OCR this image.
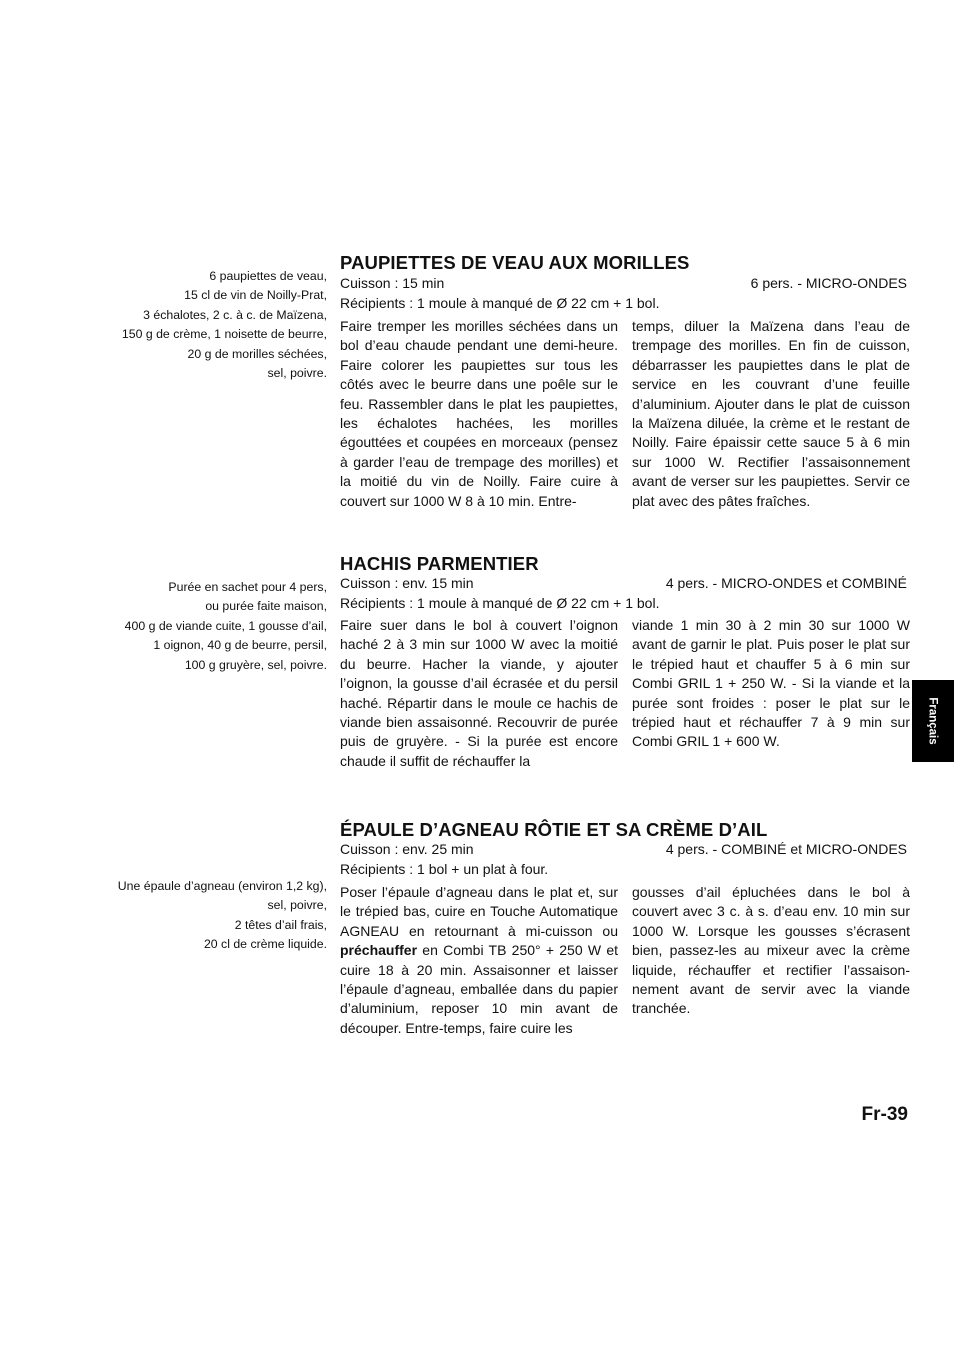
6 paupiettes de veau,
15 cl de vin de Noilly-Prat,
3 échalotes, 2 c. à c. de Maïzena,
150 g de crème, 1 noisette de beurre,
20 g de morilles séchées,
sel, poivre.
PAUPIETTES DE VEAU AUX MORILLES
Cuisson : 15 min	6 pers. - MICRO-ONDES
Récipients : 1 moule à manqué de Ø 22 cm + 1 bol.
Faire tremper les morilles séchées dans un bol d’eau chaude pendant une demi-heure. Faire colorer les paupiettes sur tous les côtés avec le beurre dans une poêle sur le feu. Rassembler dans le plat les paupiettes, les échalotes hachées, les morilles égouttées et coupées en morceaux (pensez à garder l’eau de trempage des morilles) et la moitié du vin de Noilly. Faire cuire à couvert sur 1000 W 8 à 10 min. Entre-
temps, diluer la Maïzena dans l’eau de trempage des morilles. En fin de cuisson, débarrasser les paupiettes dans le plat de service en les couvrant d’une feuille d’aluminium. Ajouter dans le plat de cuisson la Maïzena diluée, la crème et le restant de Noilly. Faire épaissir cette sauce 5 à 6 min sur 1000 W. Rectifier l’assaisonnement avant de verser sur les paupiettes. Servir ce plat avec des pâtes fraîches.
Purée en sachet pour 4 pers,
ou purée faite maison,
400 g de viande cuite, 1 gousse d’ail,
1 oignon, 40 g de beurre, persil,
100 g gruyère, sel, poivre.
HACHIS PARMENTIER
Cuisson : env. 15 min	4 pers. - MICRO-ONDES et COMBINÉ
Récipients : 1 moule à manqué de Ø 22 cm + 1 bol.
Faire suer dans le bol à couvert l’oignon haché 2 à 3 min sur 1000 W avec la moitié du beurre. Hacher la viande, y ajouter l’oignon, la gousse d’ail écrasée et du persil haché. Répartir dans le moule ce hachis de viande bien assaisonné. Recouvrir de purée puis de gruyère. - Si la purée est encore chaude il suffit de réchauffer la
viande 1 min 30 à 2 min 30 sur 1000 W avant de garnir le plat. Puis poser le plat sur le trépied haut et chauffer 5 à 6 min sur Combi GRIL 1 + 250 W. - Si la viande et la purée sont froides : poser le plat sur le trépied haut et réchauffer 7 à 9 min sur Combi GRIL 1 + 600 W.
Une épaule d’agneau (environ 1,2 kg),
sel, poivre,
2 têtes d’ail frais,
20 cl de crème liquide.
ÉPAULE D’AGNEAU RÔTIE ET SA CRÈME D’AIL
Cuisson : env. 25 min	4 pers. - COMBINÉ et MICRO-ONDES
Récipients : 1 bol + un plat à four.
Poser l’épaule d’agneau dans le plat et, sur le trépied bas, cuire en Touche Automatique AGNEAU en retournant à mi-cuisson ou préchauffer en Combi TB 250° + 250 W et cuire 18 à 20 min. Assaisonner et laisser l’épaule d’agneau, emballée dans du papier d’aluminium, reposer 10 min avant de découper. Entre-temps, faire cuire les
gousses d’ail épluchées dans le bol à couvert avec 3 c. à s. d’eau env. 10 min sur 1000 W. Lorsque les gousses s’écrasent bien, passez-les au mixeur avec la crème liquide, réchauffer et rectifier l’assaison-nement avant de servir avec la viande tranchée.
Français
Fr-39
